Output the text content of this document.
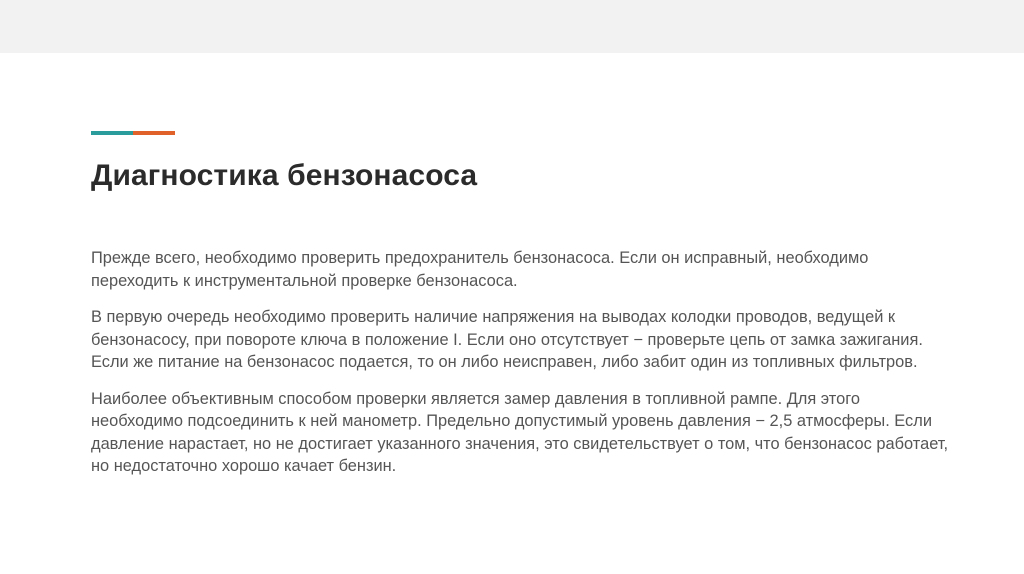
Диагностика бензонасоса

Прежде всего, необходимо проверить предохранитель бензонасоса. Если он исправный, необходимо переходить к инструментальной проверке бензонасоса.

В первую очередь необходимо проверить наличие напряжения на выводах колодки проводов, ведущей к бензонасосу, при повороте ключа в положение I. Если оно отсутствует − проверьте цепь от замка зажигания. Если же питание на бензонасос подается, то он либо неисправен, либо забит один из топливных фильтров.

Наиболее объективным способом проверки является замер давления в топливной рампе. Для этого необходимо подсоединить к ней манометр. Предельно допустимый уровень давления − 2,5 атмосферы. Если давление нарастает, но не достигает указанного значения, это свидетельствует о том, что бензонасос работает, но недостаточно хорошо качает бензин.
